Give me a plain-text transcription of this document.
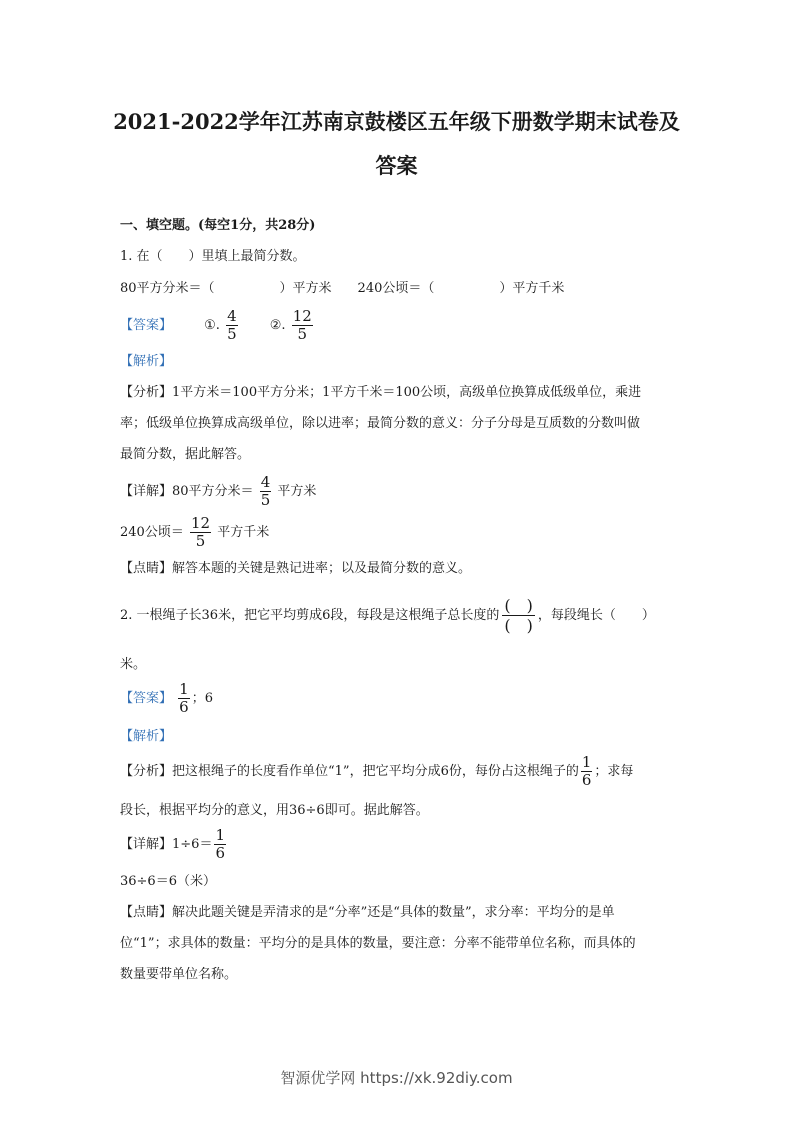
2021-2022学年江苏南京鼓楼区五年级下册数学期末试卷及
答案
一、填空题。(每空1分，共28分)
1. 在（　　）里填上最简分数。
80平方分米＝（　　　　　）平方米　　240公顷＝（　　　　　）平方千米
【答案】 ①. $\frac{4}{5}$ ②. $\frac{12}{5}$
【解析】
【分析】1平方米＝100平方分米；1平方千米＝100公顷，高级单位换算成低级单位，乘进
率；低级单位换算成高级单位，除以进率；最简分数的意义：分子分母是互质数的分数叫做
最简分数，据此解答。
【详解】80平方分米＝ $\frac{4}{5}$ 平方米
240公顷＝ $\frac{12}{5}$ 平方千米
【点睛】解答本题的关键是熟记进率；以及最简分数的意义。
2. 一根绳子长36米，把它平均剪成6段，每段是这根绳子总长度的 $\frac{( )}{( )}$ ，每段绳长（　　）
米。
【答案】 $\frac{1}{6}$ ；6
【解析】
【分析】把这根绳子的长度看作单位“1”，把它平均分成6份，每份占这根绳子的 $\frac{1}{6}$ ；求每
段长，根据平均分的意义，用36÷6即可。据此解答。
【详解】$1\div 6= \frac{1}{6}$
36÷6＝6（米）
【点睛】解决此题关键是弄清求的是“分率”还是“具体的数量”，求分率：平均分的是单
位“1”；求具体的数量：平均分的是具体的数量，要注意：分率不能带单位名称，而具体的
数量要带单位名称。
智源优学网 https://xk.92diy.com
